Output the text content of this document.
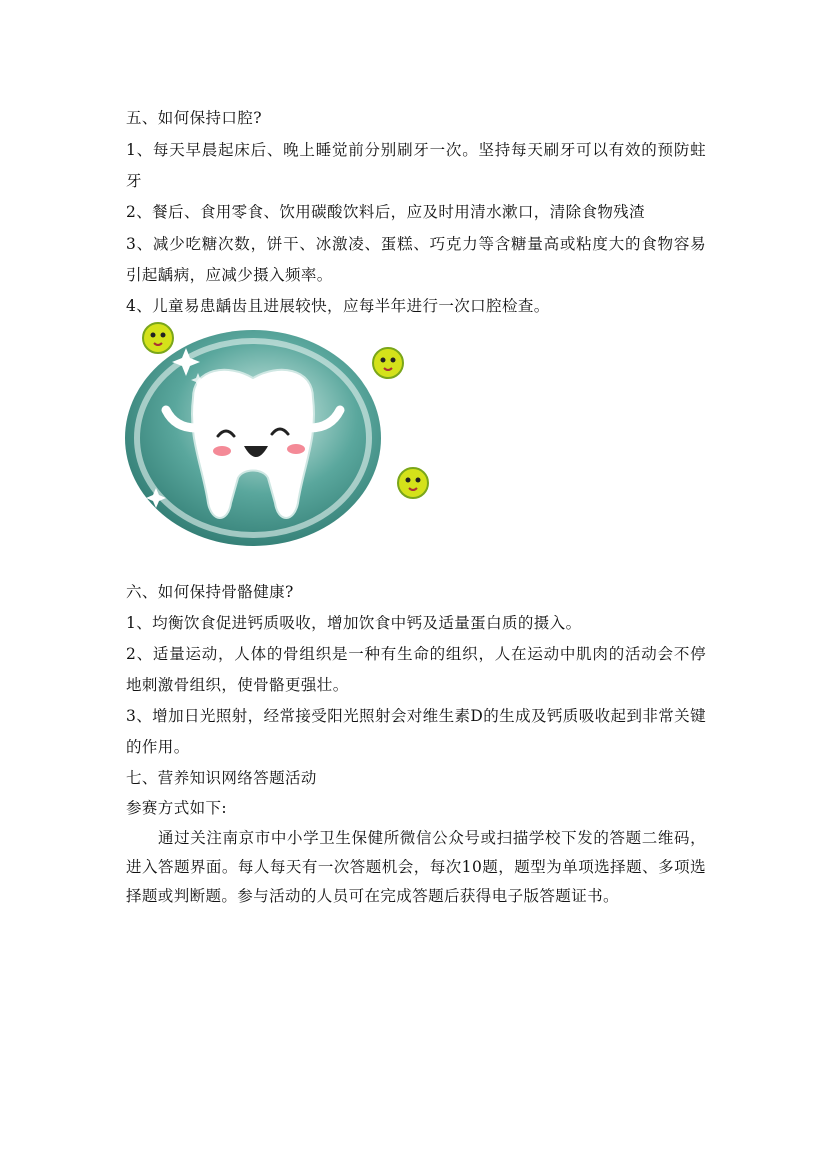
五、如何保持口腔?
1、每天早晨起床后、晚上睡觉前分别刷牙一次。坚持每天刷牙可以有效的预防蛀牙
2、餐后、食用零食、饮用碳酸饮料后，应及时用清水漱口，清除食物残渣
3、减少吃糖次数，饼干、冰激凌、蛋糕、巧克力等含糖量高或粘度大的食物容易引起龋病，应减少摄入频率。
4、儿童易患龋齿且进展较快，应每半年进行一次口腔检查。
六、如何保持骨骼健康?
1、均衡饮食促进钙质吸收，增加饮食中钙及适量蛋白质的摄入。
2、适量运动，人体的骨组织是一种有生命的组织，人在运动中肌肉的活动会不停地刺激骨组织，使骨骼更强壮。
3、增加日光照射，经常接受阳光照射会对维生素D的生成及钙质吸收起到非常关键的作用。
七、营养知识网络答题活动
参赛方式如下:
通过关注南京市中小学卫生保健所微信公众号或扫描学校下发的答题二维码，进入答题界面。每人每天有一次答题机会，每次10题，题型为单项选择题、多项选择题或判断题。参与活动的人员可在完成答题后获得电子版答题证书。
